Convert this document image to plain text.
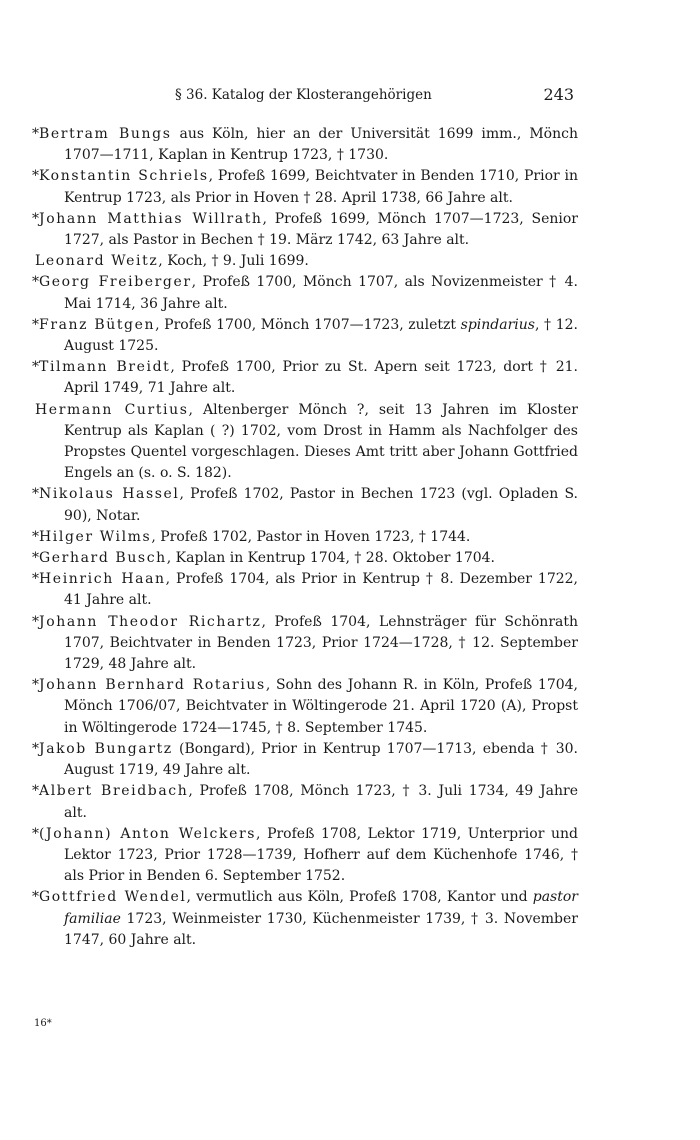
§ 36. Katalog der Klosterangehörigen	243

*Bertram Bungs aus Köln, hier an der Universität 1699 imm., Mönch 1707—1711, Kaplan in Kentrup 1723, † 1730.

*Konstantin Schriels, Profeß 1699, Beichtvater in Benden 1710, Prior in Kentrup 1723, als Prior in Hoven † 28. April 1738, 66 Jahre alt.

*Johann Matthias Willrath, Profeß 1699, Mönch 1707—1723, Senior 1727, als Pastor in Bechen † 19. März 1742, 63 Jahre alt.

Leonard Weitz, Koch, † 9. Juli 1699.

*Georg Freiberger, Profeß 1700, Mönch 1707, als Novizenmeister † 4. Mai 1714, 36 Jahre alt.

*Franz Bütgen, Profeß 1700, Mönch 1707—1723, zuletzt spindarius, † 12. August 1725.

*Tilmann Breidt, Profeß 1700, Prior zu St. Apern seit 1723, dort † 21. April 1749, 71 Jahre alt.

Hermann Curtius, Altenberger Mönch ?, seit 13 Jahren im Kloster Kentrup als Kaplan ( ?) 1702, vom Drost in Hamm als Nachfolger des Propstes Quentel vorgeschlagen. Dieses Amt tritt aber Johann Gottfried Engels an (s. o. S. 182).

*Nikolaus Hassel, Profeß 1702, Pastor in Bechen 1723 (vgl. Opladen S. 90), Notar.

*Hilger Wilms, Profeß 1702, Pastor in Hoven 1723, † 1744.

*Gerhard Busch, Kaplan in Kentrup 1704, † 28. Oktober 1704.

*Heinrich Haan, Profeß 1704, als Prior in Kentrup † 8. Dezember 1722, 41 Jahre alt.

*Johann Theodor Richartz, Profeß 1704, Lehnsträger für Schönrath 1707, Beichtvater in Benden 1723, Prior 1724—1728, † 12. September 1729, 48 Jahre alt.

*Johann Bernhard Rotarius, Sohn des Johann R. in Köln, Profeß 1704, Mönch 1706/07, Beichtvater in Wöltingerode 21. April 1720 (A), Propst in Wöltingerode 1724—1745, † 8. September 1745.

*Jakob Bungartz (Bongard), Prior in Kentrup 1707—1713, ebenda † 30. August 1719, 49 Jahre alt.

*Albert Breidbach, Profeß 1708, Mönch 1723, † 3. Juli 1734, 49 Jahre alt.

*(Johann) Anton Welckers, Profeß 1708, Lektor 1719, Unterprior und Lektor 1723, Prior 1728—1739, Hofherr auf dem Küchenhofe 1746, † als Prior in Benden 6. September 1752.

*Gottfried Wendel, vermutlich aus Köln, Profeß 1708, Kantor und pastor familiae 1723, Weinmeister 1730, Küchenmeister 1739, † 3. November 1747, 60 Jahre alt.

16*
